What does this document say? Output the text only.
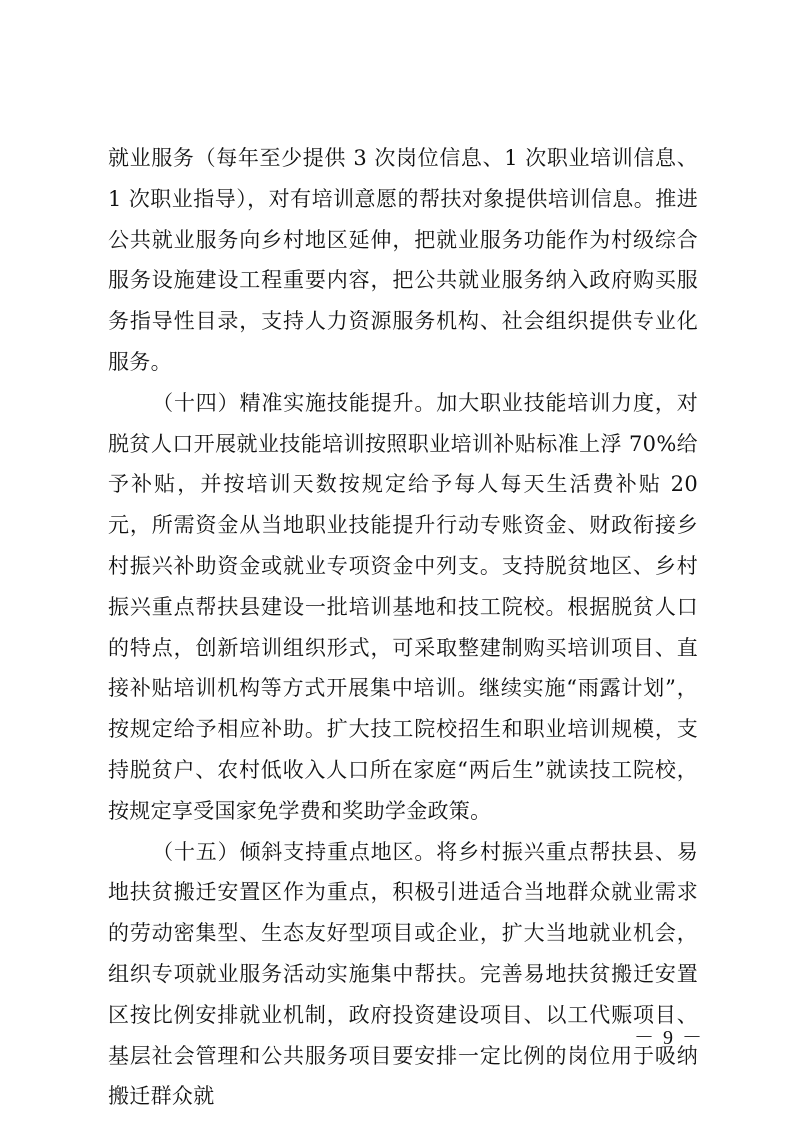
就业服务（每年至少提供 3 次岗位信息、1 次职业培训信息、1 次职业指导），对有培训意愿的帮扶对象提供培训信息。推进公共就业服务向乡村地区延伸，把就业服务功能作为村级综合服务设施建设工程重要内容，把公共就业服务纳入政府购买服务指导性目录，支持人力资源服务机构、社会组织提供专业化服务。

（十四）精准实施技能提升。加大职业技能培训力度，对脱贫人口开展就业技能培训按照职业培训补贴标准上浮 70%给予补贴，并按培训天数按规定给予每人每天生活费补贴 20 元，所需资金从当地职业技能提升行动专账资金、财政衔接乡村振兴补助资金或就业专项资金中列支。支持脱贫地区、乡村振兴重点帮扶县建设一批培训基地和技工院校。根据脱贫人口的特点，创新培训组织形式，可采取整建制购买培训项目、直接补贴培训机构等方式开展集中培训。继续实施“雨露计划”，按规定给予相应补助。扩大技工院校招生和职业培训规模，支持脱贫户、农村低收入人口所在家庭“两后生”就读技工院校，按规定享受国家免学费和奖助学金政策。

（十五）倾斜支持重点地区。将乡村振兴重点帮扶县、易地扶贫搬迁安置区作为重点，积极引进适合当地群众就业需求的劳动密集型、生态友好型项目或企业，扩大当地就业机会，组织专项就业服务活动实施集中帮扶。完善易地扶贫搬迁安置区按比例安排就业机制，政府投资建设项目、以工代赈项目、基层社会管理和公共服务项目要安排一定比例的岗位用于吸纳搬迁群众就

－ 9 －
